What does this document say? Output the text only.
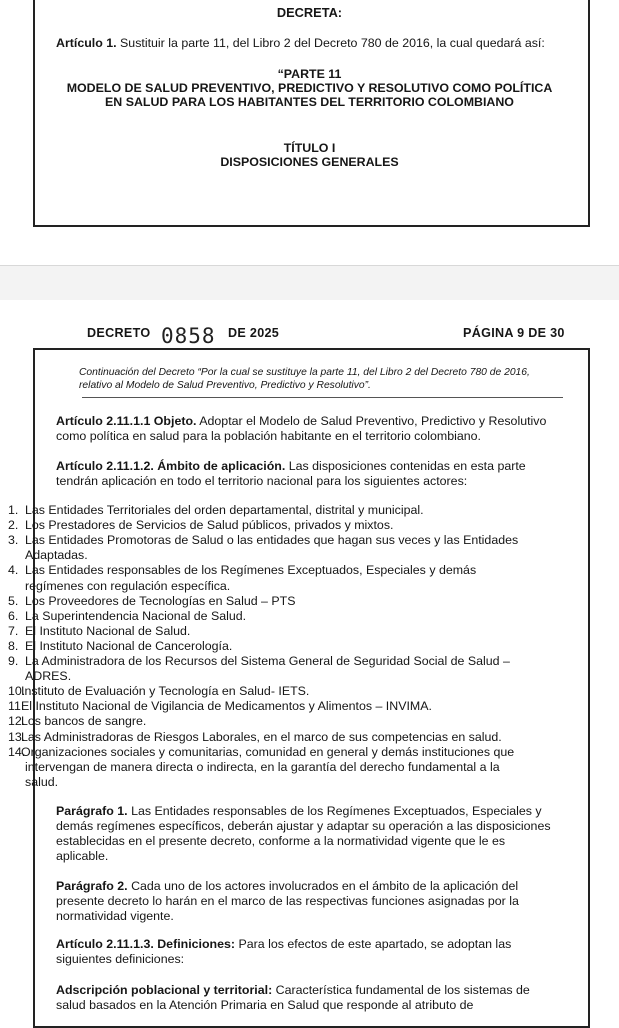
DECRETA:
Artículo 1. Sustituir la parte 11, del Libro 2 del Decreto 780 de 2016, la cual quedará así:
“PARTE 11
MODELO DE SALUD PREVENTIVO, PREDICTIVO Y RESOLUTIVO COMO POLÍTICA
EN SALUD PARA LOS HABITANTES DEL TERRITORIO COLOMBIANO
TÍTULO I
DISPOSICIONES GENERALES
DECRETO 0858 DE 2025	PÁGINA 9 DE 30
Continuación del Decreto “Por la cual se sustituye la parte 11, del Libro 2 del Decreto 780 de 2016,
relativo al Modelo de Salud Preventivo, Predictivo y Resolutivo”.
Artículo 2.11.1.1 Objeto. Adoptar el Modelo de Salud Preventivo, Predictivo y Resolutivo
como política en salud para la población habitante en el territorio colombiano.
Artículo 2.11.1.2. Ámbito de aplicación. Las disposiciones contenidas en esta parte
tendrán aplicación en todo el territorio nacional para los siguientes actores:
1. Las Entidades Territoriales del orden departamental, distrital y municipal.
2. Los Prestadores de Servicios de Salud públicos, privados y mixtos.
3. Las Entidades Promotoras de Salud o las entidades que hagan sus veces y las Entidades
Adaptadas.
4. Las Entidades responsables de los Regímenes Exceptuados, Especiales y demás
regímenes con regulación específica.
5. Los Proveedores de Tecnologías en Salud – PTS
6. La Superintendencia Nacional de Salud.
7. El Instituto Nacional de Salud.
8. El Instituto Nacional de Cancerología.
9. La Administradora de los Recursos del Sistema General de Seguridad Social de Salud –
ADRES.
10.
Instituto de Evaluación y Tecnología en Salud- IETS.
11.
El Instituto Nacional de Vigilancia de Medicamentos y Alimentos – INVIMA.
12.
Los bancos de sangre.
13.
Las Administradoras de Riesgos Laborales, en el marco de sus competencias en salud.
14.
Organizaciones sociales y comunitarias, comunidad en general y demás instituciones que
intervengan de manera directa o indirecta, en la garantía del derecho fundamental a la
salud.
Parágrafo 1. Las Entidades responsables de los Regímenes Exceptuados, Especiales y
demás regímenes específicos, deberán ajustar y adaptar su operación a las disposiciones
establecidas en el presente decreto, conforme a la normatividad vigente que le es
aplicable.
Parágrafo 2. Cada uno de los actores involucrados en el ámbito de la aplicación del
presente decreto lo harán en el marco de las respectivas funciones asignadas por la
normatividad vigente.
Artículo 2.11.1.3. Definiciones: Para los efectos de este apartado, se adoptan las
siguientes definiciones:
Adscripción poblacional y territorial: Característica fundamental de los sistemas de
salud basados en la Atención Primaria en Salud que responde al atributo de
